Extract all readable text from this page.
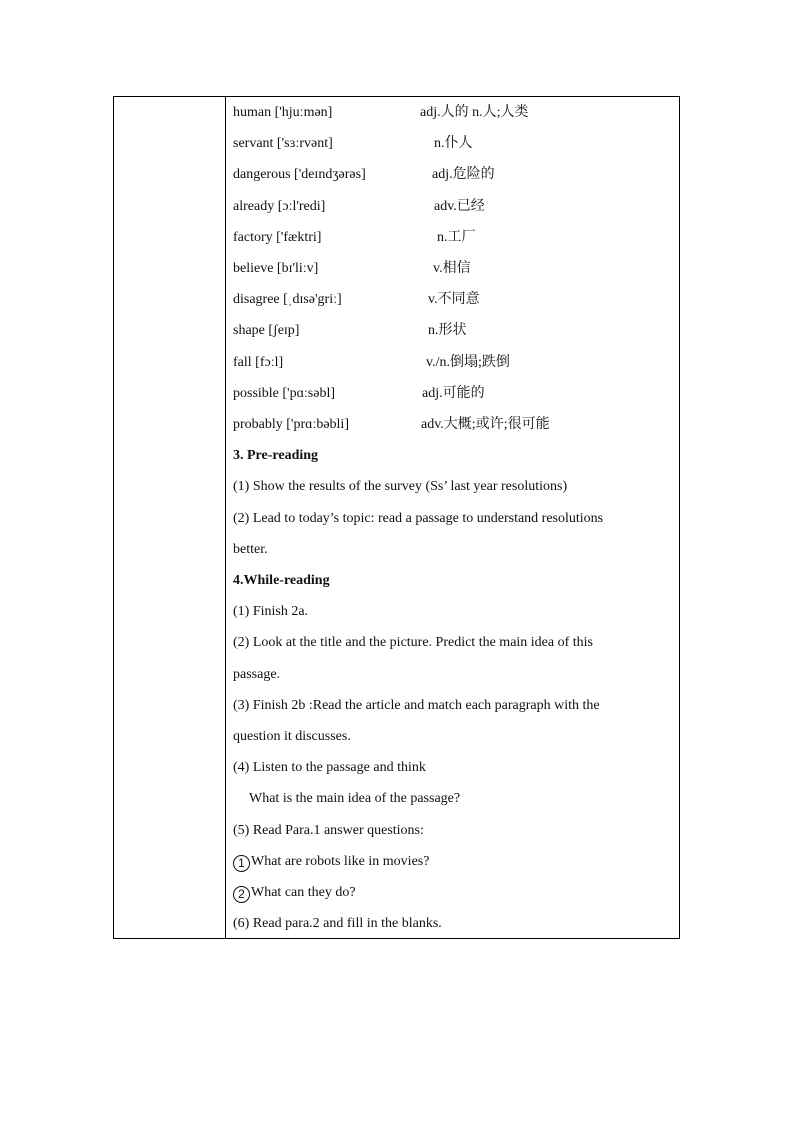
human ['hjuːmən]	adj.人的 n.人;人类
servant ['sɜːrvənt]	n.仆人
dangerous ['deɪndʒərəs]	adj.危险的
already [ɔːl'redi]	adv.已经
factory ['fæktri]	n.工厂
believe [bɪ'liːv]	v.相信
disagree [ˌdɪsə'griː]	v.不同意
shape [ʃeɪp]	n.形状
fall [fɔːl]	v./n.倒塌;跌倒
possible ['pɑːsəbl]	adj.可能的
probably ['prɑːbəbli]	adv.大概;或许;很可能
3. Pre-reading
(1) Show the results of the survey (Ss’ last year resolutions)
(2) Lead to today’s topic: read a passage to understand resolutions
better.
4.While-reading
(1) Finish 2a.
(2) Look at the title and the picture. Predict the main idea of this
passage.
(3) Finish 2b :Read the article and match each paragraph with the
question it discusses.
(4) Listen to the passage and think
What is the main idea of the passage?
(5) Read Para.1 answer questions:
1 What are robots like in movies?
2 What can they do?
(6) Read para.2 and fill in the blanks.
